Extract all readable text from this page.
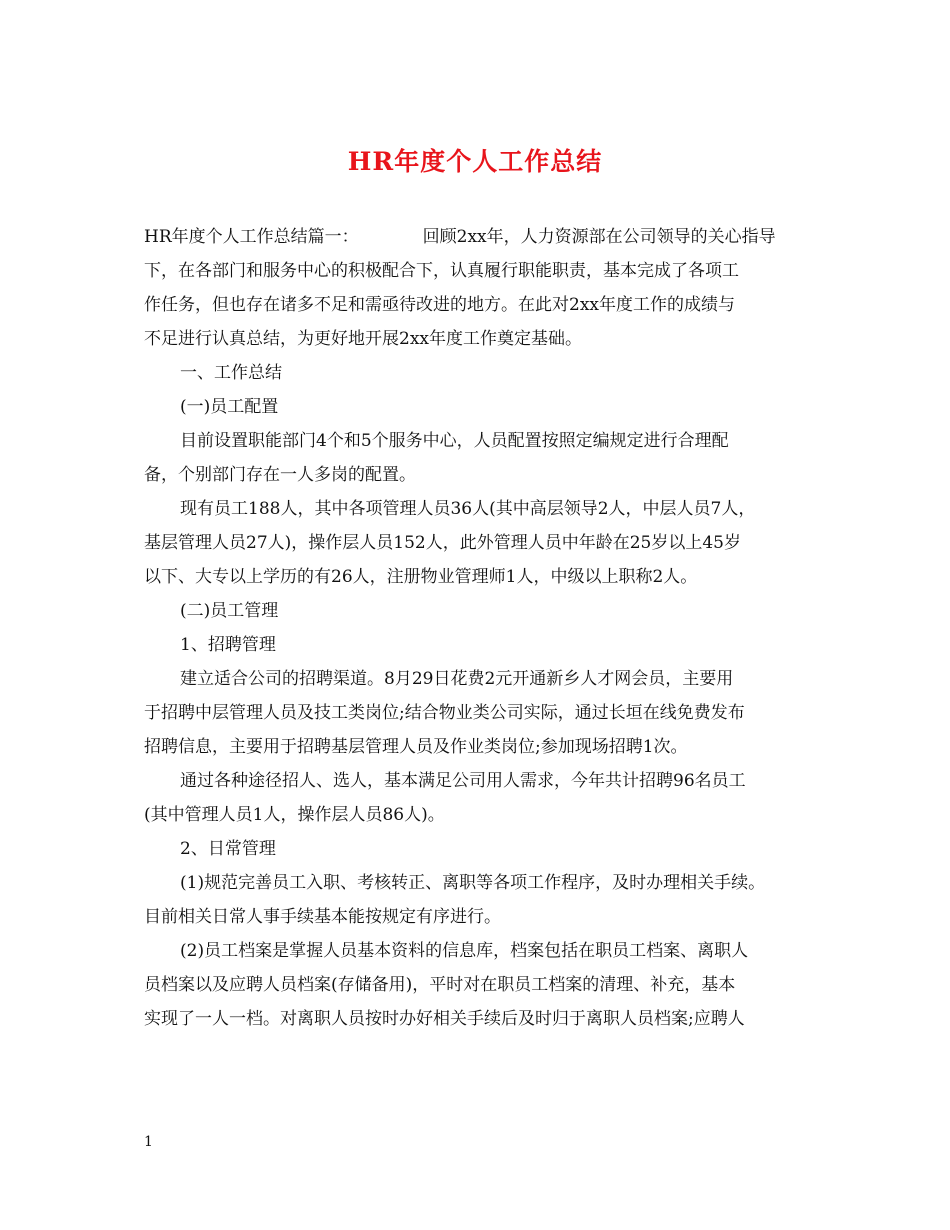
HR年度个人工作总结
HR年度个人工作总结篇一：	回顾2xx年，人力资源部在公司领导的关心指导
下，在各部门和服务中心的积极配合下，认真履行职能职责，基本完成了各项工
作任务，但也存在诸多不足和需亟待改进的地方。在此对2xx年度工作的成绩与
不足进行认真总结，为更好地开展2xx年度工作奠定基础。
一、工作总结
(一)员工配置
目前设置职能部门4个和5个服务中心，人员配置按照定编规定进行合理配
备，个别部门存在一人多岗的配置。
现有员工188人，其中各项管理人员36人(其中高层领导2人，中层人员7人，
基层管理人员27人)，操作层人员152人，此外管理人员中年龄在25岁以上45岁
以下、大专以上学历的有26人，注册物业管理师1人，中级以上职称2人。
(二)员工管理
1、招聘管理
建立适合公司的招聘渠道。8月29日花费2元开通新乡人才网会员，主要用
于招聘中层管理人员及技工类岗位;结合物业类公司实际，通过长垣在线免费发布
招聘信息，主要用于招聘基层管理人员及作业类岗位;参加现场招聘1次。
通过各种途径招人、选人，基本满足公司用人需求，今年共计招聘96名员工
(其中管理人员1人，操作层人员86人)。
2、日常管理
(1)规范完善员工入职、考核转正、离职等各项工作程序，及时办理相关手续。
目前相关日常人事手续基本能按规定有序进行。
(2)员工档案是掌握人员基本资料的信息库，档案包括在职员工档案、离职人
员档案以及应聘人员档案(存储备用)，平时对在职员工档案的清理、补充，基本
实现了一人一档。对离职人员按时办好相关手续后及时归于离职人员档案;应聘人
1
